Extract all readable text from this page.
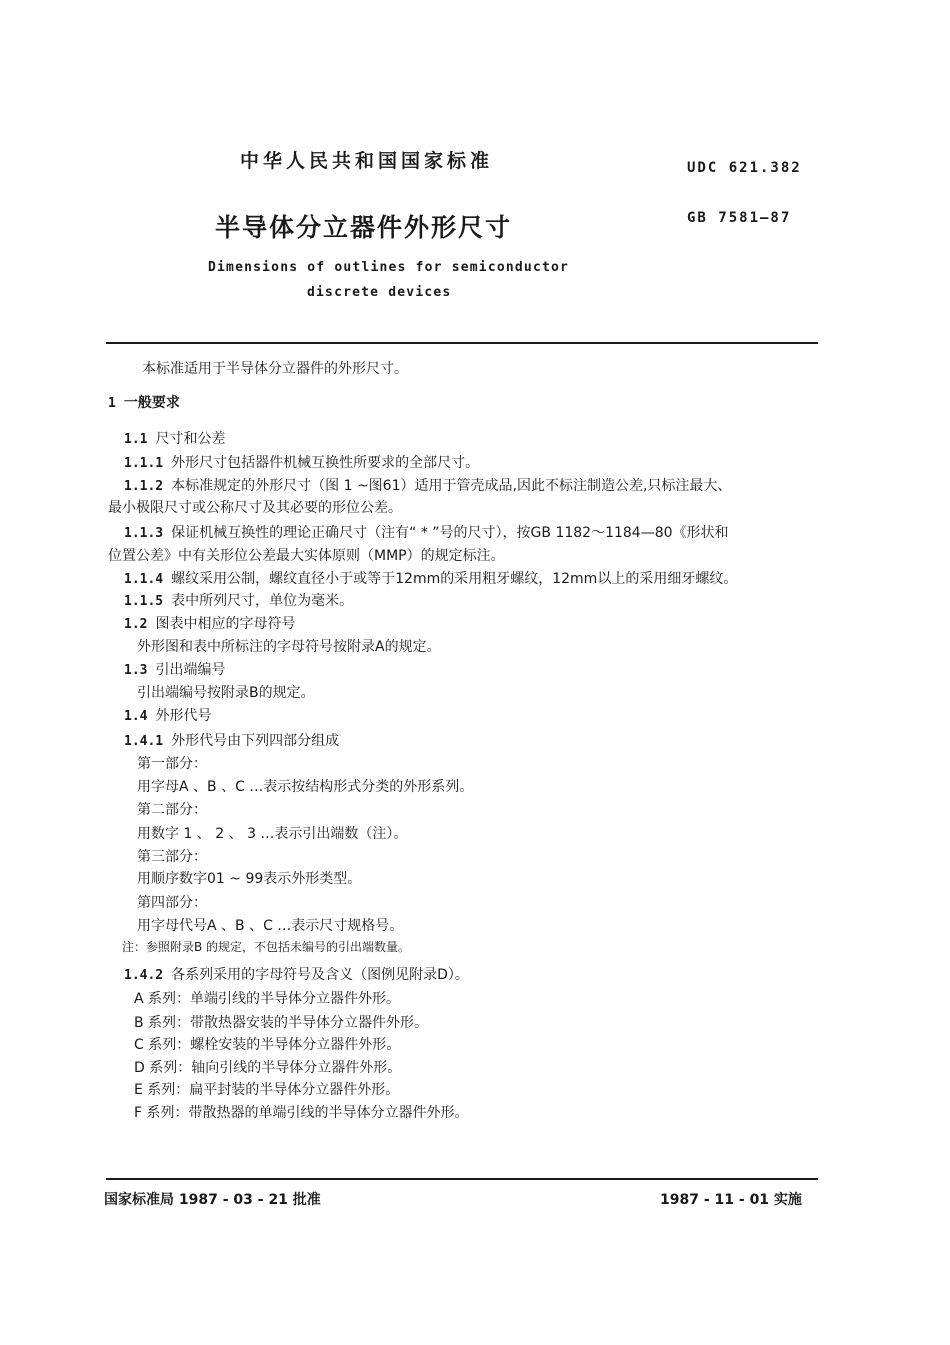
中华人民共和国国家标准	UDC 621.382
半导体分立器件外形尺寸	GB 7581—87
Dimensions of outlines for semiconductor
discrete devices
本标准适用于半导体分立器件的外形尺寸。
1 一般要求
1.1 尺寸和公差
1.1.1 外形尺寸包括器件机械互换性所要求的全部尺寸。
1.1.2 本标准规定的外形尺寸（图 1 ~图61）适用于管壳成品,因此不标注制造公差,只标注最大、
最小极限尺寸或公称尺寸及其必要的形位公差。
1.1.3 保证机械互换性的理论正确尺寸（注有“ * ”号的尺寸），按GB 1182～1184—80《形状和
位置公差》中有关形位公差最大实体原则（MMP）的规定标注。
1.1.4 螺纹采用公制，螺纹直径小于或等于12mm的采用粗牙螺纹，12mm以上的采用细牙螺纹。
1.1.5 表中所列尺寸，单位为毫米。
1.2 图表中相应的字母符号
外形图和表中所标注的字母符号按附录A的规定。
1.3 引出端编号
引出端编号按附录B的规定。
1.4 外形代号
1.4.1 外形代号由下列四部分组成
第一部分：
用字母A 、B 、C …表示按结构形式分类的外形系列。
第二部分：
用数字 1 、 2 、 3 …表示引出端数（注）。
第三部分：
用顺序数字01 ~ 99表示外形类型。
第四部分：
用字母代号A 、B 、C …表示尺寸规格号。
注：参照附录B 的规定，不包括未编号的引出端数量。
1.4.2 各系列采用的字母符号及含义（图例见附录D）。
A 系列：单端引线的半导体分立器件外形。
B 系列：带散热器安装的半导体分立器件外形。
C 系列：螺栓安装的半导体分立器件外形。
D 系列：轴向引线的半导体分立器件外形。
E 系列：扁平封装的半导体分立器件外形。
F 系列：带散热器的单端引线的半导体分立器件外形。
国家标准局 1987 - 03 - 21 批准	1987 - 11 - 01 实施
